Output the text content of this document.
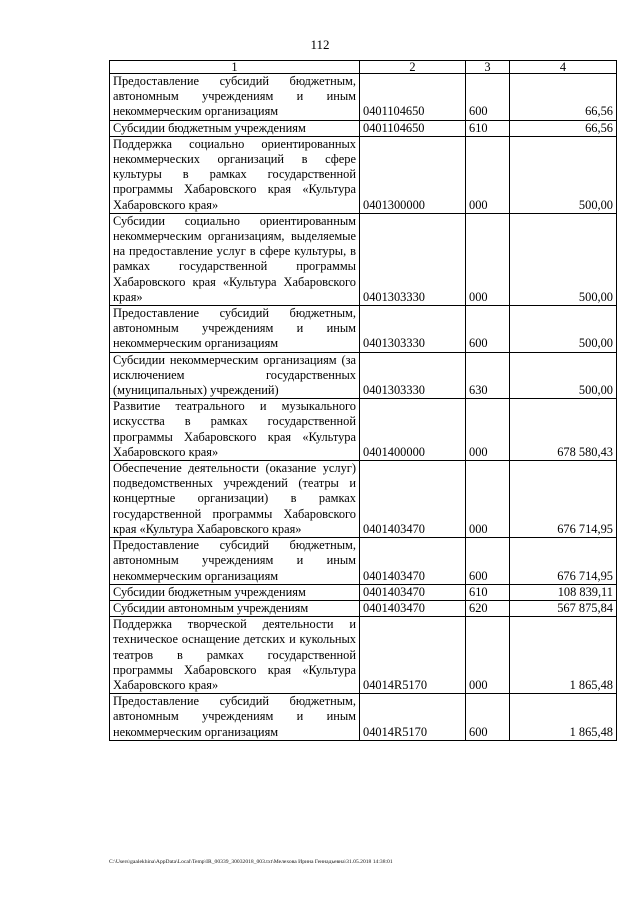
112
1	2	3	4
Предоставление субсидий бюджетным, автономным учреждениям и иным некоммерческим организациям	0401104650	600	66,56
Субсидии бюджетным учреждениям	0401104650	610	66,56
Поддержка социально ориентированных некоммерческих организаций в сфере культуры в рамках государственной программы Хабаровского края «Культура Хабаровского края»	0401300000	000	500,00
Субсидии социально ориентированным некоммерческим организациям, выделяемые на предоставление услуг в сфере культуры, в рамках государственной программы Хабаровского края «Культура Хабаровского края»	0401303330	000	500,00
Предоставление субсидий бюджетным, автономным учреждениям и иным некоммерческим организациям	0401303330	600	500,00
Субсидии некоммерческим организациям (за исключением государственных (муниципальных) учреждений)	0401303330	630	500,00
Развитие театрального и музыкального искусства в рамках государственной программы Хабаровского края «Культура Хабаровского края»	0401400000	000	678 580,43
Обеспечение деятельности (оказание услуг) подведомственных учреждений (театры и концертные организации) в рамках государственной программы Хабаровского края «Культура Хабаровского края»	0401403470	000	676 714,95
Предоставление субсидий бюджетным, автономным учреждениям и иным некоммерческим организациям	0401403470	600	676 714,95
Субсидии бюджетным учреждениям	0401403470	610	108 839,11
Субсидии автономным учреждениям	0401403470	620	567 875,84
Поддержка творческой деятельности и техническое оснащение детских и кукольных театров в рамках государственной программы Хабаровского края «Культура Хабаровского края»	04014R5170	000	1 865,48
Предоставление субсидий бюджетным, автономным учреждениям и иным некоммерческим организациям	04014R5170	600	1 865,48
C:\Users\gaalekhina\AppData\Local\Temp\IR_00339_30032018_003.txt\Мелехова Ирина Геннадьевна\31.05.2018 14:38:01
